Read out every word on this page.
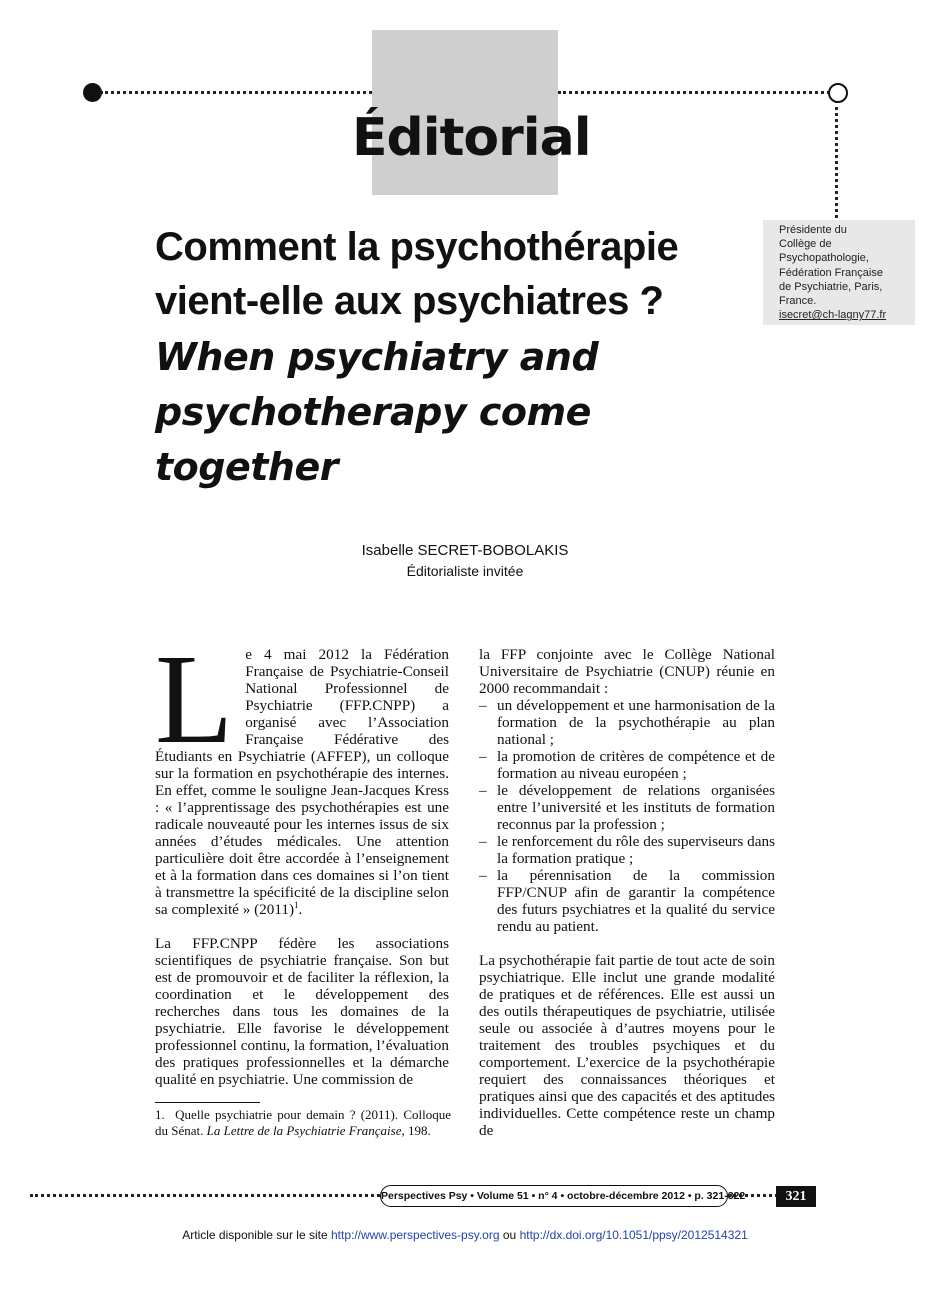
Éditorial
Présidente du
Collège de
Psychopathologie,
Fédération Française
de Psychiatrie, Paris,
France.
isecret@ch-lagny77.fr
Comment la psychothérapie
vient-elle aux psychiatres ?
When psychiatry and
psychotherapy come
together
Isabelle SECRET-BOBOLAKIS
Éditorialiste invitée

Le 4 mai 2012 la Fédération Française de Psychiatrie-Conseil National Professionnel de Psychiatrie (FFP.CNPP) a organisé avec l’Association Française Fédérative des Étudiants en Psychiatrie (AFFEP), un colloque sur la formation en psychothérapie des internes. En effet, comme le souligne Jean-Jacques Kress : « l’apprentissage des psychothérapies est une radicale nouveauté pour les internes issus de six années d’études médicales. Une attention particulière doit être accordée à l’enseignement et à la formation dans ces domaines si l’on tient à transmettre la spécificité de la discipline selon sa complexité » $(2011)^1$.

La FFP.CNPP fédère les associations scientifiques de psychiatrie française. Son but est de promouvoir et de faciliter la réflexion, la coordination et le développement des recherches dans tous les domaines de la psychiatrie. Elle favorise le développement professionnel continu, la formation, l’évaluation des pratiques professionnelles et la démarche qualité en psychiatrie. Une commission de

la FFP conjointe avec le Collège National Universitaire de Psychiatrie (CNUP) réunie en 2000 recommandait :

– un développement et une harmonisation de la formation de la psychothérapie au plan national ;
– la promotion de critères de compétence et de formation au niveau européen ;
– le développement de relations organisées entre l’université et les instituts de formation reconnus par la profession ;
– le renforcement du rôle des superviseurs dans la formation pratique ;
– la pérennisation de la commission FFP/CNUP afin de garantir la compétence des futurs psychiatres et la qualité du service rendu au patient.

La psychothérapie fait partie de tout acte de soin psychiatrique. Elle inclut une grande modalité de pratiques et de références. Elle est aussi un des outils thérapeutiques de psychiatrie, utilisée seule ou associée à d’autres moyens pour le traitement des troubles psychiques et du comportement. L’exercice de la psychothérapie requiert des connaissances théoriques et pratiques ainsi que des capacités et des aptitudes individuelles. Cette compétence reste un champ de

1. Quelle psychiatrie pour demain ? (2011). Colloque du Sénat. La Lettre de la Psychiatrie Française, 198.
Perspectives Psy • Volume 51 • n° 4 • octobre-décembre 2012 • p. 321-322	321
Article disponible sur le site http://www.perspectives-psy.org ou http://dx.doi.org/10.1051/ppsy/2012514321
